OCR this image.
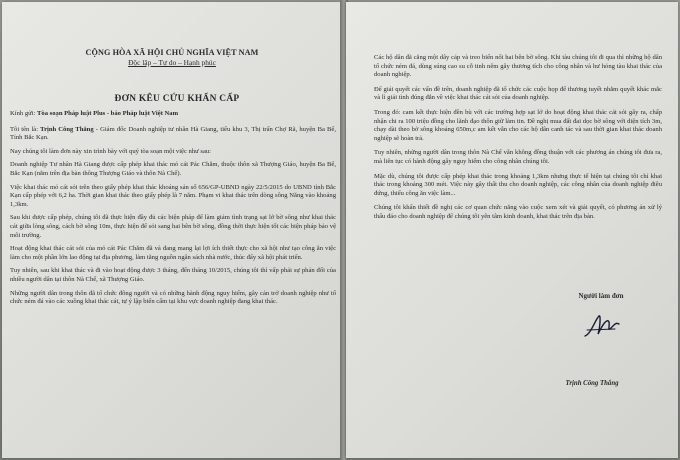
CỘNG HÒA XÃ HỘI CHỦ NGHĨA VIỆT NAM
Độc lập – Tự do – Hạnh phúc
ĐƠN KÊU CỨU KHẨN CẤP

Kính gửi: Tòa soạn Pháp luật Plus - báo Pháp luật Việt Nam

Tôi tên là: Trịnh Công Thắng - Giám đốc Doanh nghiệp tư nhân Hà Giang, tiểu khu 3, Thị trấn Chợ Rã, huyện Ba Bể, Tỉnh Bắc Kạn.

Nay chúng tôi làm đơn này xin trình bày với quý tòa soạn một việc như sau:

Doanh nghiệp Tư nhân Hà Giang được cấp phép khai thác mỏ cát Pác Chăm, thuộc thôn xã Thượng Giáo, huyện Ba Bể, Bắc Kạn (nằm trên địa bàn thông Thượng Giáo và thôn Nà Chế).

Việc khai thác mỏ cát sỏi trên theo giấy phép khai thác khoáng sản số 656/GP-UBND ngày 22/5/2015 do UBND tỉnh Bắc Kạn cấp phép với 6,2 ha. Thời gian khai thác theo giấy phép là 7 năm. Phạm vi khai thác trên dòng sông Năng vào khoảng 1,3km.

Sau khi được cấp phép, chúng tôi đã thực hiện đầy đủ các biện pháp để làm giảm tình trạng sạt lở bờ sông như khai thác cát giữa lòng sông, cách bờ sông 10m, thực hiện để sỏi sang hai bên bờ sông, đồng thời thực hiện tốt các biện pháp bảo vệ môi trường.

Hoạt động khai thác cát sỏi của mỏ cát Pác Chăm đã và đang mang lại lợi ích thiết thực cho xã hội như tạo công ăn việc làm cho một phần lớn lao động tại địa phương, làm tăng nguồn ngân sách nhà nước, thúc đẩy xã hội phát triển.

Tuy nhiên, sau khi khai thác và đi vào hoạt động được 3 tháng, đến tháng 10/2015, chúng tôi thì vấp phải sự phản đối của nhiều người dân tại thôn Nà Chế, xã Thượng Giáo.

Những người dân trong thôn đã tổ chức đông người và có những hành động nguy hiểm, gây cản trở doanh nghiệp như tổ chức ném đá vào các xuồng khai thác cát, tự ý lập biển cấm tại khu vực doanh nghiệp đang khai thác.

Các hộ dân đã căng một dây cáp và treo biển nổi hai bên bờ sông. Khi tàu chúng tôi đi qua thì những hộ dân tổ chức ném đá, dùng súng cao su cỗ tinh nêm gây thương tích cho công nhân và hư hỏng tàu khai thác của doanh nghiệp.

Để giải quyết các vấn đề trên, doanh nghiệp đã tổ chức các cuộc họp để thương tuyết nhằm quyết khác mắc và lì giải tình đúng đắn về việc khai thác cát sỏi của doanh nghiệp.

Trong đó: cam kết thực hiện đền bù với các trường hợp sạt lở do hoạt động khai thác cát sỏi gây ra, chấp nhận chi ra 100 triệu đồng cho lãnh đạo thôn giữ làm tin. Đề nghị mua đất đai dọc bờ sông với diện tích 3m, chạy dài theo bờ sông khoảng 650m,c am kết vẫn cho các hộ dân canh tác và sau thời gian khai thác doanh nghiệp sẽ hoàn trả.

Tuy nhiên, những người dân trong thôn Nà Chế vẫn không đồng thuận với các phương án chúng tôi đưa ra, mà liên tục có hành động gây nguy hiểm cho công nhân chúng tôi.

Mặc dù, chúng tôi được cấp phép khai thác trong khoảng 1,3km nhưng thực tế hiện tại chúng tôi chỉ khai thác trong khoảng 300 mét. Việc này gây thất thu cho doanh nghiệp, các công nhân của doanh nghiệp điêu đứng, thiếu công ăn việc làm...

Chúng tôi khẩn thiết đề nghị các cơ quan chức năng vào cuộc xem xét và giải quyết, có phương án xử lý thấu đáo cho doanh nghiệp để chúng tôi yên tâm kinh doanh, khai thác trên địa bàn.

Người làm đơn
Trịnh Công Thắng
